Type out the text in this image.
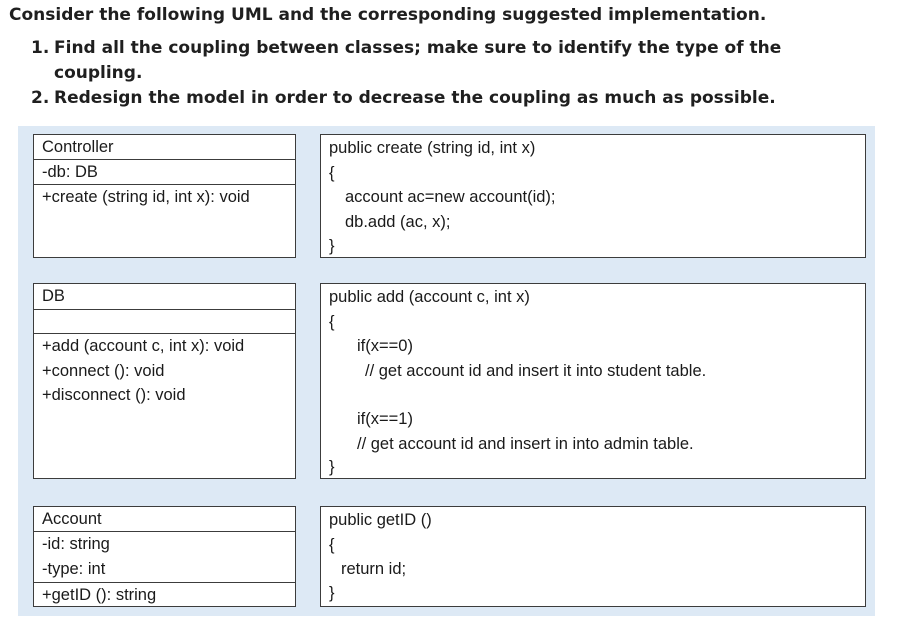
Consider the following UML and the corresponding suggested implementation.
1. Find all the coupling between classes; make sure to identify the type of the
coupling.
2. Redesign the model in order to decrease the coupling as much as possible.
Controller
-db: DB
+create (string id, int x): void
public create (string id, int x)
{
account ac=new account(id);
db.add (ac, x);
}
DB
+add (account c, int x): void
+connect (): void
+disconnect (): void
public add (account c, int x)
{
if(x==0)
// get account id and insert it into student table.
if(x==1)
// get account id and insert in into admin table.
}
Account
-id: string
-type: int
+getID (): string
public getID ()
{
return id;
}
